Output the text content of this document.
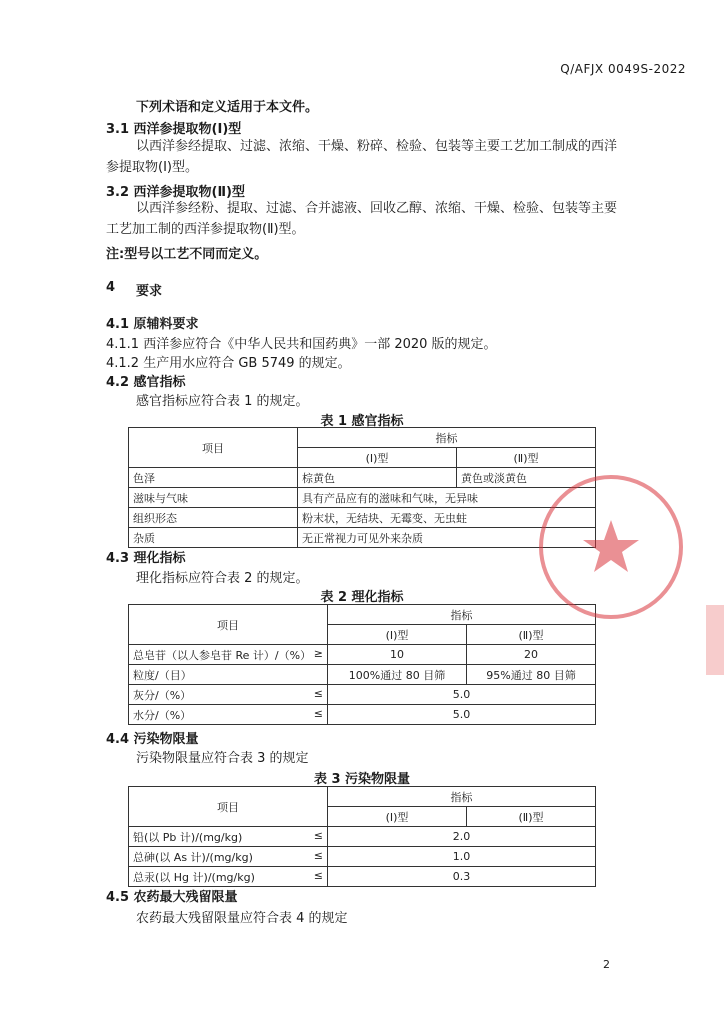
Q/AFJX 0049S-2022
下列术语和定义适用于本文件。
3.1 西洋参提取物(Ⅰ)型
以西洋参经提取、过滤、浓缩、干燥、粉碎、检验、包装等主要工艺加工制成的西洋参提取物(Ⅰ)型。
3.2 西洋参提取物(Ⅱ)型
以西洋参经粉、提取、过滤、合并滤液、回收乙醇、浓缩、干燥、检验、包装等主要工艺加工制的西洋参提取物(Ⅱ)型。
注:型号以工艺不同而定义。
4 要求
4.1 原辅料要求
4.1.1 西洋参应符合《中华人民共和国药典》一部 2020 版的规定。
4.1.2 生产用水应符合 GB 5749 的规定。
4.2 感官指标
感官指标应符合表 1 的规定。
表 1 感官指标
项目	指标	
	(Ⅰ)型	(Ⅱ)型
色泽	棕黄色	黄色或淡黄色
滋味与气味	具有产品应有的滋味和气味，无异味	
组织形态	粉末状，无结块、无霉变、无虫蛀	
杂质	无正常视力可见外来杂质	
4.3 理化指标
理化指标应符合表 2 的规定。
表 2 理化指标
项目	指标	
	(Ⅰ)型	(Ⅱ)型
总皂苷（以人参皂苷 Re 计）/（%） ≥	10	20
粒度/（目）	100%通过 80 目筛	95%通过 80 目筛
灰分/（%） ≤	5.0	
水分/（%） ≤	5.0	
4.4 污染物限量
污染物限量应符合表 3 的规定
表 3 污染物限量
项目	指标	
	(Ⅰ)型	(Ⅱ)型
铅(以 Pb 计)/(mg/kg) ≤	2.0	
总砷(以 As 计)/(mg/kg) ≤	1.0	
总汞(以 Hg 计)/(mg/kg) ≤	0.3	
4.5 农药最大残留限量
农药最大残留限量应符合表 4 的规定
2
